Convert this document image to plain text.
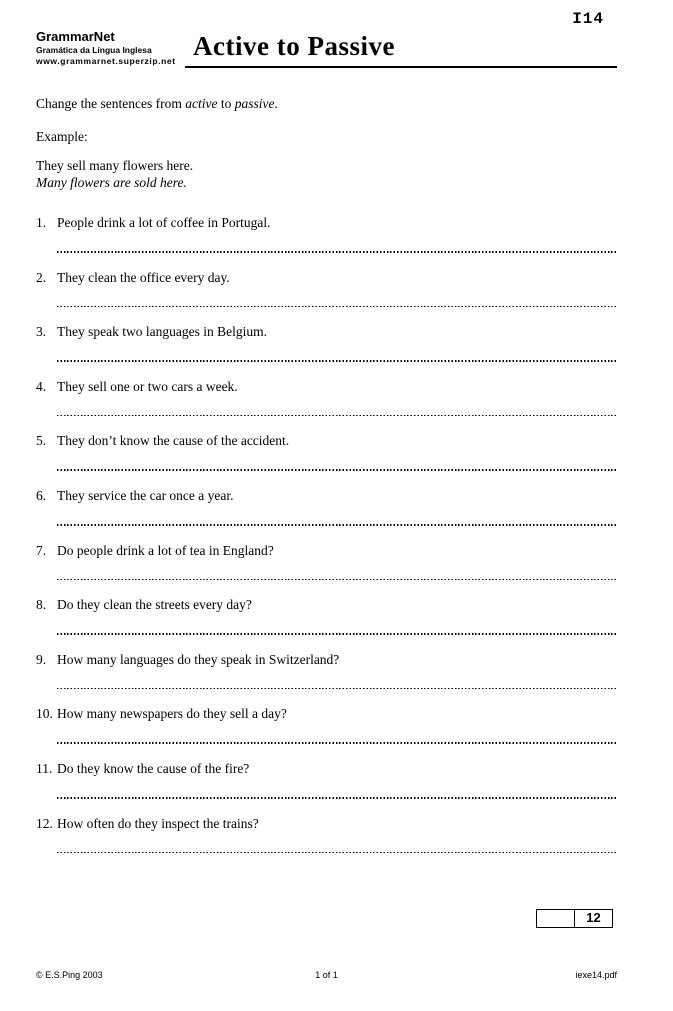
I14
GrammarNet
Gramática da Língua Inglesa
www.grammarnet.superzip.net Active to Passive
Change the sentences from active to passive.
Example:
They sell many flowers here.
Many flowers are sold here.
1. People drink a lot of coffee in Portugal.
2. They clean the office every day.
3. They speak two languages in Belgium.
4. They sell one or two cars a week.
5. They don’t know the cause of the accident.
6. They service the car once a year.
7. Do people drink a lot of tea in England?
8. Do they clean the streets every day?
9. How many languages do they speak in Switzerland?
10. How many newspapers do they sell a day?
11. Do they know the cause of the fire?
12. How often do they inspect the trains?
12
© E.S.Ping 2003	1 of 1	iexe14.pdf
